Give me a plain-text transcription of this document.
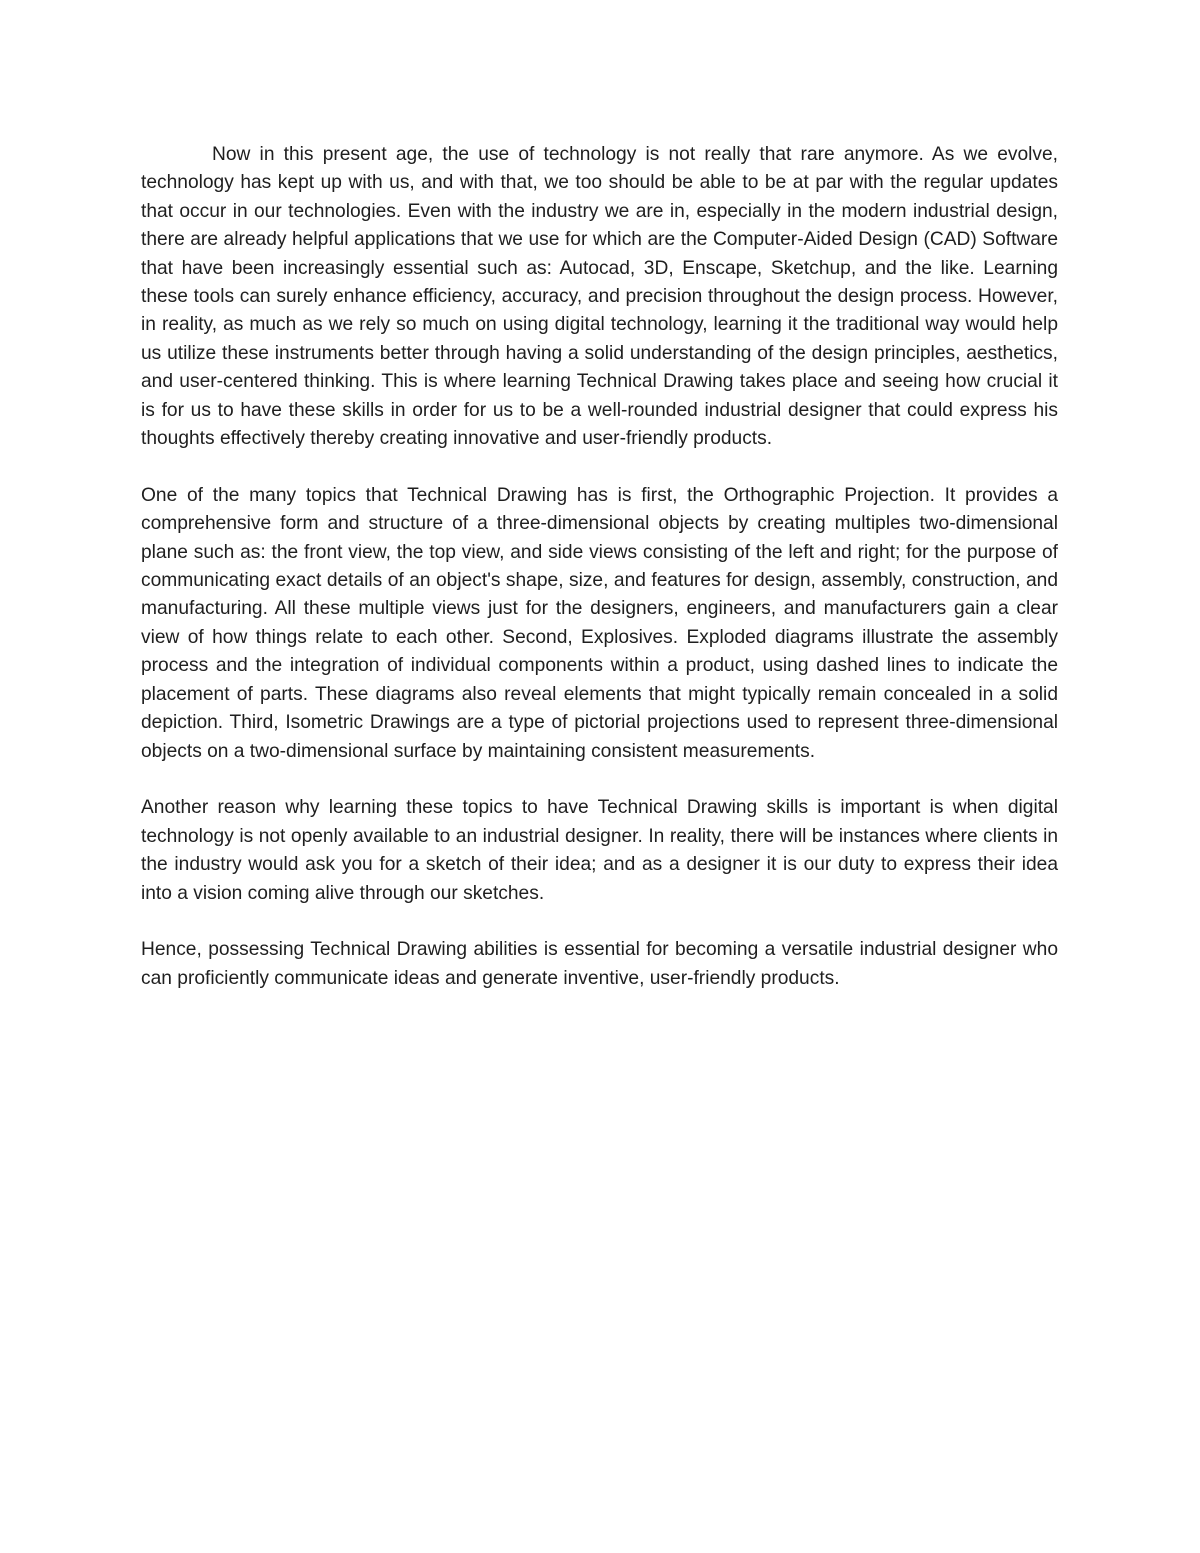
Now in this present age, the use of technology is not really that rare anymore. As we evolve, technology has kept up with us, and with that, we too should be able to be at par with the regular updates that occur in our technologies. Even with the industry we are in, especially in the modern industrial design, there are already helpful applications that we use for which are the Computer-Aided Design (CAD) Software that have been increasingly essential such as: Autocad, 3D, Enscape, Sketchup, and the like. Learning these tools can surely enhance efficiency, accuracy, and precision throughout the design process. However, in reality, as much as we rely so much on using digital technology, learning it the traditional way would help us utilize these instruments better through having a solid understanding of the design principles, aesthetics, and user-centered thinking. This is where learning Technical Drawing takes place and seeing how crucial it is for us to have these skills in order for us to be a well-rounded industrial designer that could express his thoughts effectively thereby creating innovative and user-friendly products.

One of the many topics that Technical Drawing has is first, the Orthographic Projection. It provides a comprehensive form and structure of a three-dimensional objects by creating multiples two-dimensional plane such as: the front view, the top view, and side views consisting of the left and right; for the purpose of communicating exact details of an object's shape, size, and features for design, assembly, construction, and manufacturing. All these multiple views just for the designers, engineers, and manufacturers gain a clear view of how things relate to each other. Second, Explosives. Exploded diagrams illustrate the assembly process and the integration of individual components within a product, using dashed lines to indicate the placement of parts. These diagrams also reveal elements that might typically remain concealed in a solid depiction. Third, Isometric Drawings are a type of pictorial projections used to represent three-dimensional objects on a two-dimensional surface by maintaining consistent measurements.

Another reason why learning these topics to have Technical Drawing skills is important is when digital technology is not openly available to an industrial designer. In reality, there will be instances where clients in the industry would ask you for a sketch of their idea; and as a designer it is our duty to express their idea into a vision coming alive through our sketches.

Hence, possessing Technical Drawing abilities is essential for becoming a versatile industrial designer who can proficiently communicate ideas and generate inventive, user-friendly products.
